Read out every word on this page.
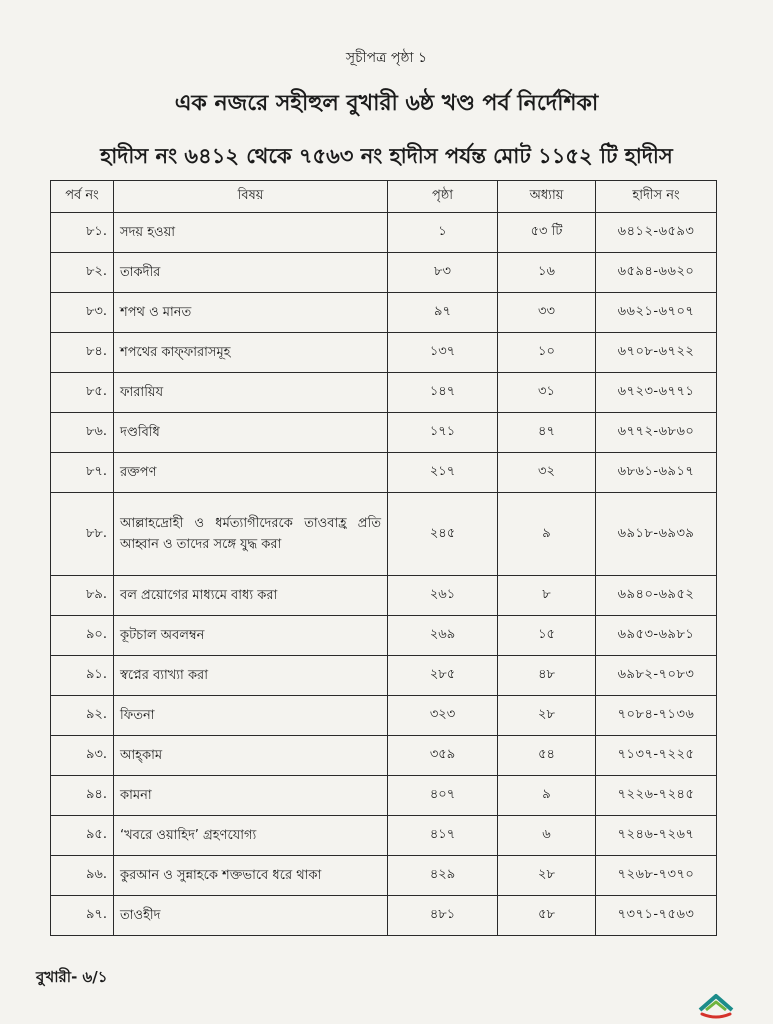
সূচীপত্র পৃষ্ঠা ১
এক নজরে সহীহুল বুখারী ৬ষ্ঠ খণ্ড পর্ব নির্দেশিকা
হাদীস নং ৬৪১২ থেকে ৭৫৬৩ নং হাদীস পর্যন্ত মোট ১১৫২ টি হাদীস
পর্ব নং	বিষয়	পৃষ্ঠা	অধ্যায়	হাদীস নং
৮১.	সদয় হওয়া	১	৫৩ টি	৬৪১২-৬৫৯৩
৮২.	তাকদীর	৮৩	১৬	৬৫৯৪-৬৬২০
৮৩.	শপথ ও মানত	৯৭	৩৩	৬৬২১-৬৭০৭
৮৪.	শপথের কাফ্ফারাসমূহ	১৩৭	১০	৬৭০৮-৬৭২২
৮৫.	ফারায়িয	১৪৭	৩১	৬৭২৩-৬৭৭১
৮৬.	দণ্ডবিধি	১৭১	৪৭	৬৭৭২-৬৮৬০
৮৭.	রক্তপণ	২১৭	৩২	৬৮৬১-৬৯১৭
৮৮.	আল্লাহদ্রোহী ও ধর্মত্যাগীদেরকে তাওবাহ্র প্রতি আহ্বান ও তাদের সঙ্গে যুদ্ধ করা	২৪৫	৯	৬৯১৮-৬৯৩৯
৮৯.	বল প্রয়োগের মাধ্যমে বাধ্য করা	২৬১	৮	৬৯৪০-৬৯৫২
৯০.	কূটচাল অবলম্বন	২৬৯	১৫	৬৯৫৩-৬৯৮১
৯১.	স্বপ্নের ব্যাখ্যা করা	২৮৫	৪৮	৬৯৮২-৭০৮৩
৯২.	ফিতনা	৩২৩	২৮	৭০৮৪-৭১৩৬
৯৩.	আহ্কাম	৩৫৯	৫৪	৭১৩৭-৭২২৫
৯৪.	কামনা	৪০৭	৯	৭২২৬-৭২৪৫
৯৫.	‘খবরে ওয়াহিদ’ গ্রহণযোগ্য	৪১৭	৬	৭২৪৬-৭২৬৭
৯৬.	কুরআন ও সুন্নাহকে শক্তভাবে ধরে থাকা	৪২৯	২৮	৭২৬৮-৭৩৭০
৯৭.	তাওহীদ	৪৮১	৫৮	৭৩৭১-৭৫৬৩
বুখারী- ৬/১
